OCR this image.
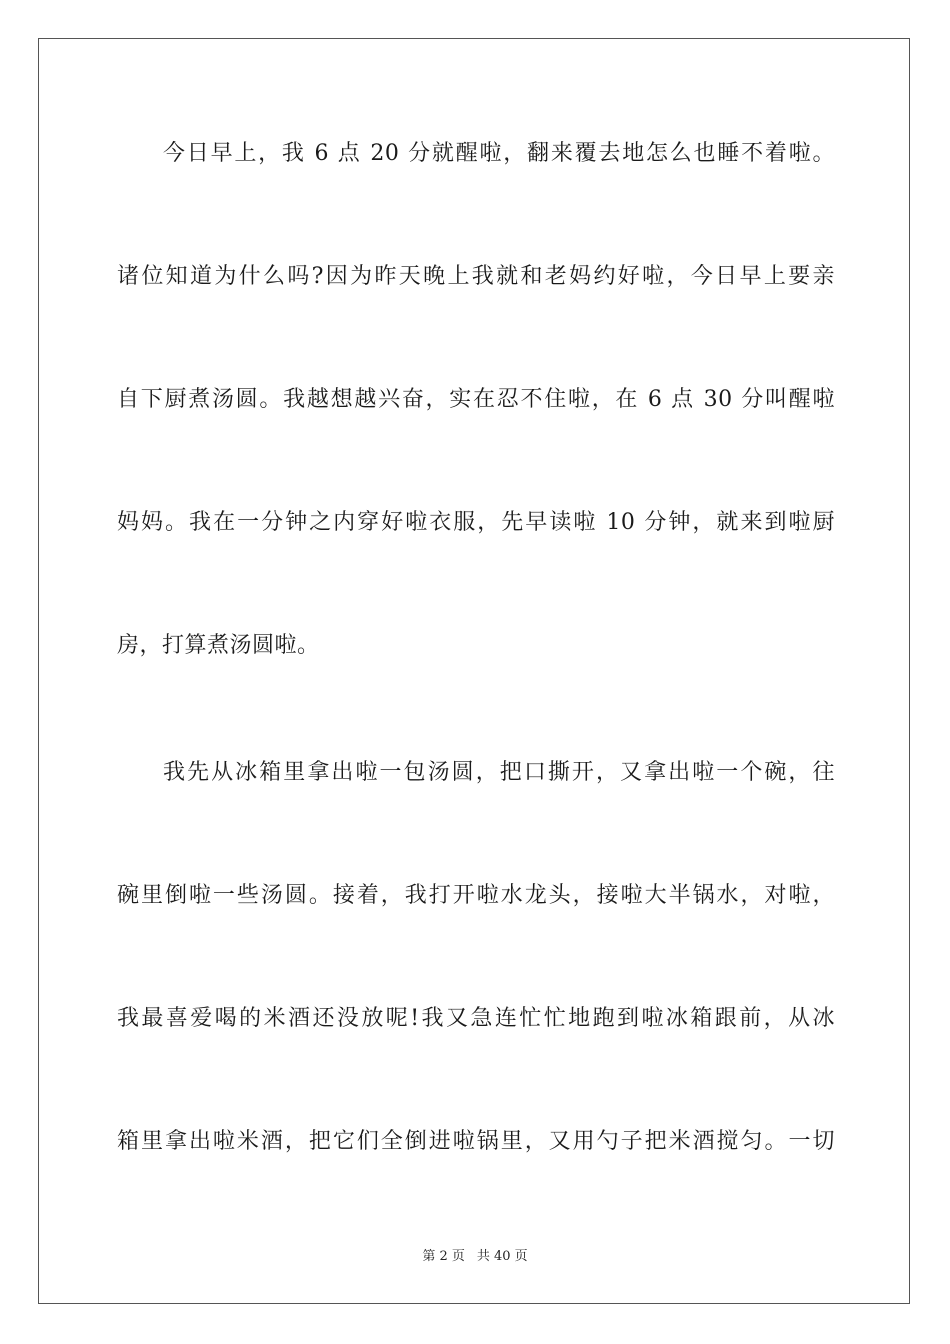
今日早上，我 6 点 20 分就醒啦，翻来覆去地怎么也睡不着啦。
诸位知道为什么吗?因为昨天晚上我就和老妈约好啦，今日早上要亲
自下厨煮汤圆。我越想越兴奋，实在忍不住啦，在 6 点 30 分叫醒啦
妈妈。我在一分钟之内穿好啦衣服，先早读啦 10 分钟，就来到啦厨
房，打算煮汤圆啦。
我先从冰箱里拿出啦一包汤圆，把口撕开，又拿出啦一个碗，往
碗里倒啦一些汤圆。接着，我打开啦水龙头，接啦大半锅水，对啦，
我最喜爱喝的米酒还没放呢!我又急连忙忙地跑到啦冰箱跟前，从冰
箱里拿出啦米酒，把它们全倒进啦锅里，又用勺子把米酒搅匀。一切
第 2 页 共 40 页
